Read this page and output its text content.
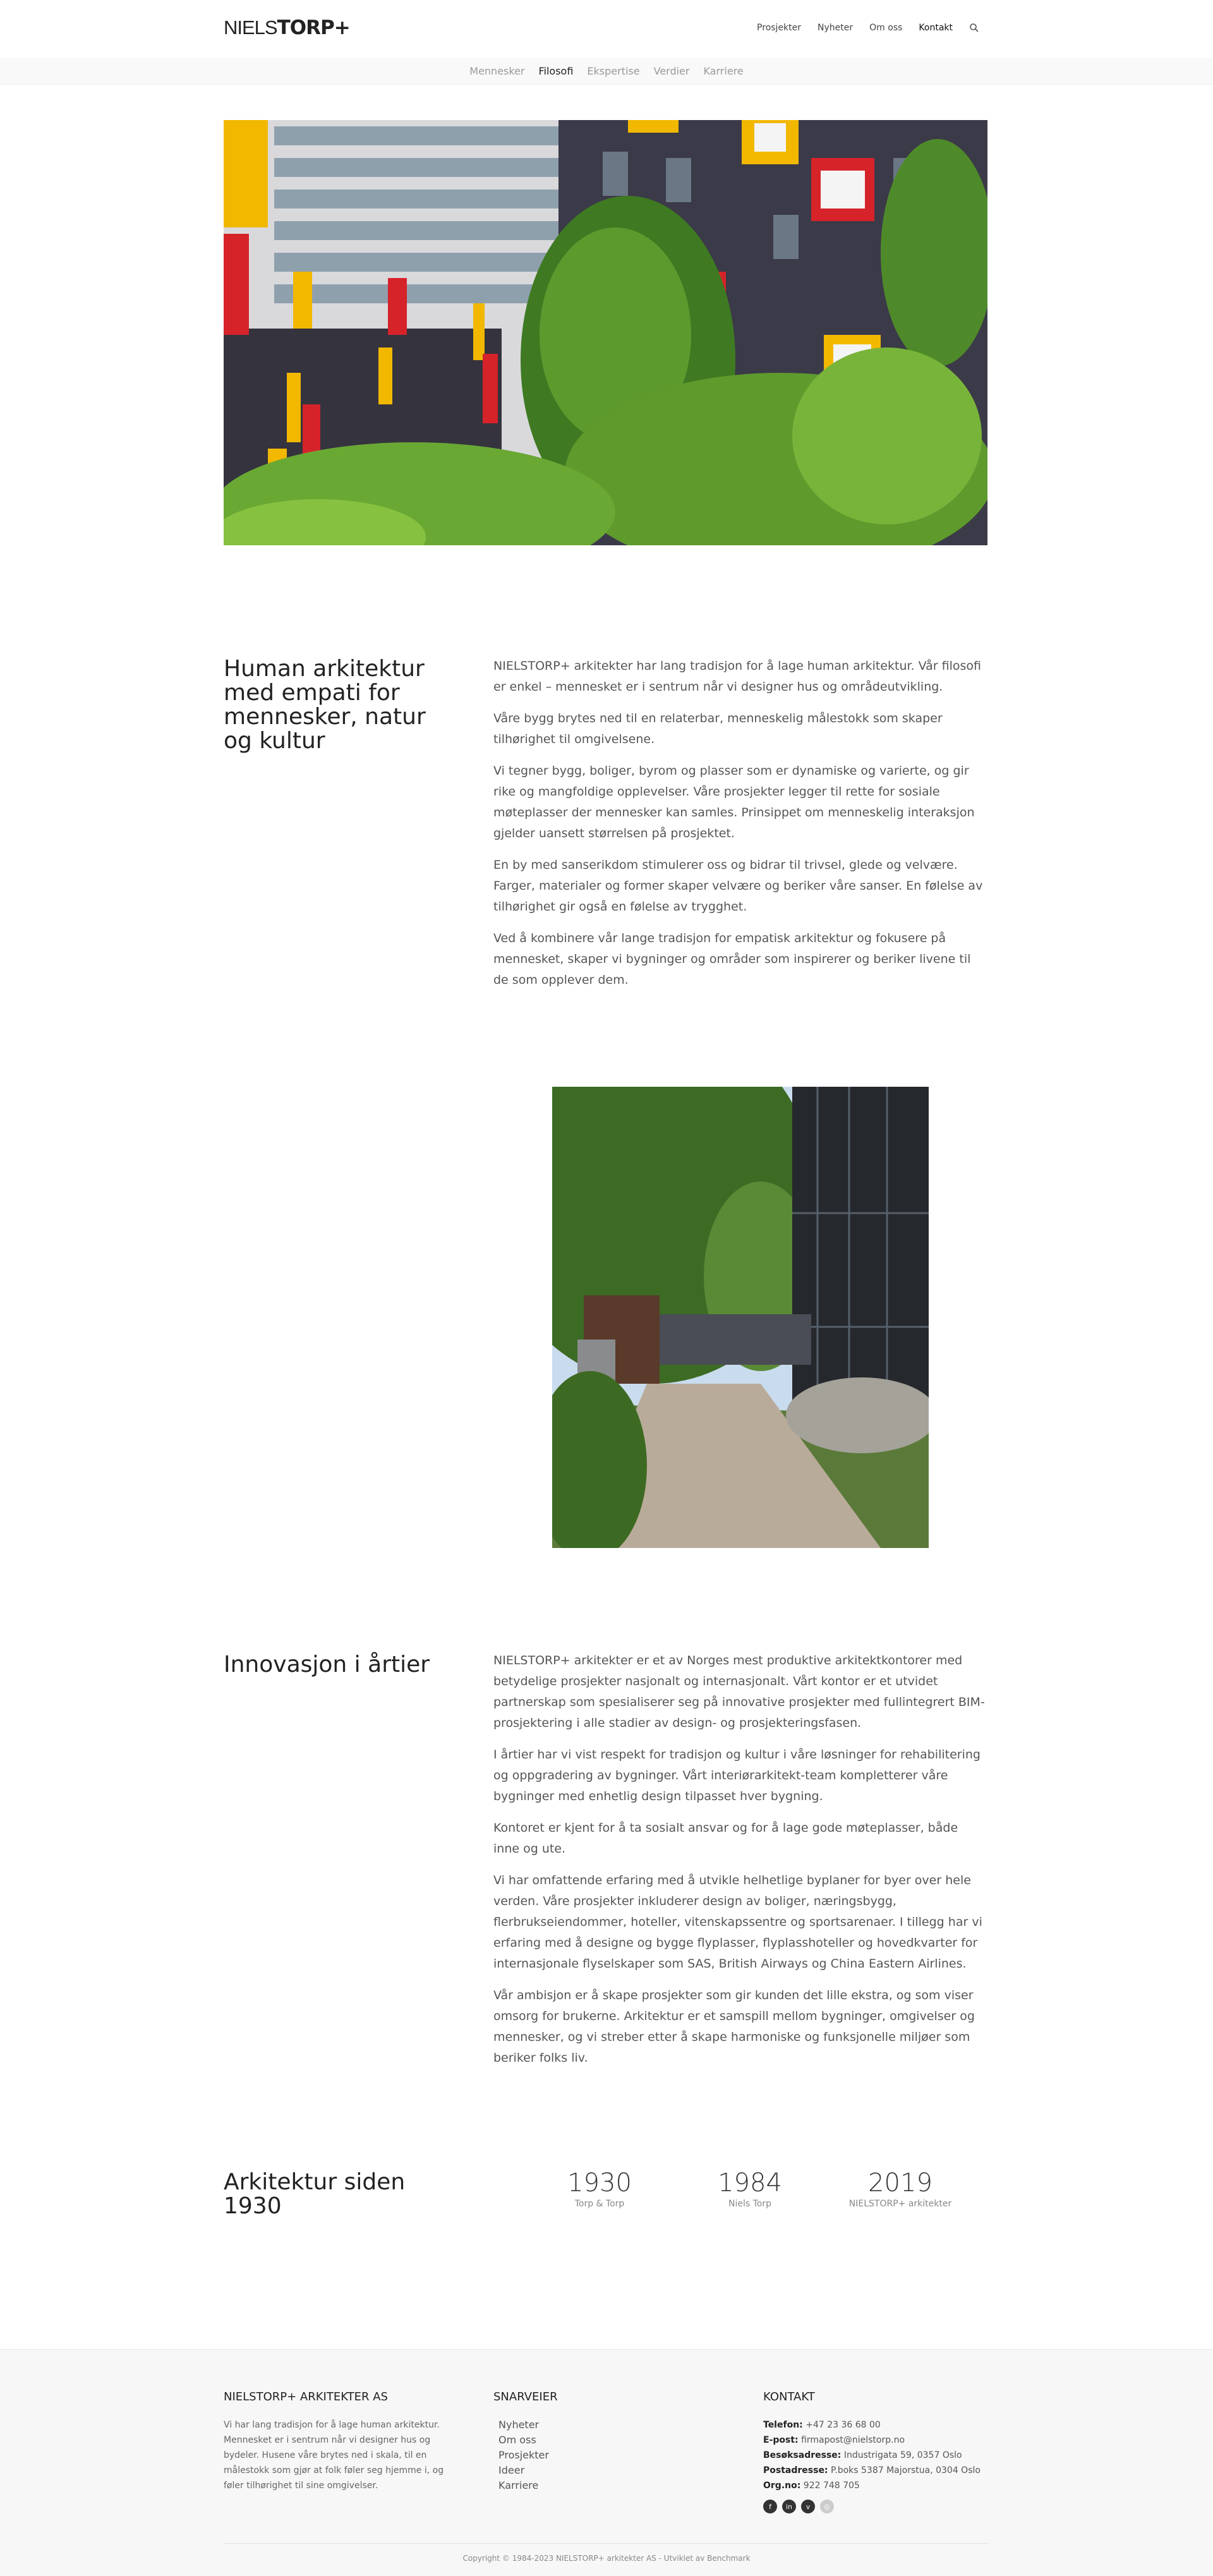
NIELS TORP+	Prosjekter Nyheter Om oss Kontakt
Mennesker Filosofi Ekspertise Verdier Karriere
Human arkitektur med empati for mennesker, natur og kultur

NIELSTORP+ arkitekter har lang tradisjon for å lage human arkitektur. Vår filosofi er enkel – mennesket er i sentrum når vi designer hus og områdeutvikling.

Våre bygg brytes ned til en relaterbar, menneskelig målestokk som skaper tilhørighet til omgivelsene.

Vi tegner bygg, boliger, byrom og plasser som er dynamiske og varierte, og gir rike og mangfoldige opplevelser. Våre prosjekter legger til rette for sosiale møteplasser der mennesker kan samles. Prinsippet om menneskelig interaksjon gjelder uansett størrelsen på prosjektet.

En by med sanserikdom stimulerer oss og bidrar til trivsel, glede og velvære. Farger, materialer og former skaper velvære og beriker våre sanser. En følelse av tilhørighet gir også en følelse av trygghet.

Ved å kombinere vår lange tradisjon for empatisk arkitektur og fokusere på mennesket, skaper vi bygninger og områder som inspirerer og beriker livene til de som opplever dem.

Innovasjon i årtier	NIELSTORP+ arkitekter er et av Norges mest produktive arkitektkontorer med betydelige prosjekter nasjonalt og internasjonalt. Vårt kontor er et utvidet partnerskap som spesialiserer seg på innovative prosjekter med fullintegrert BIM-prosjektering i alle stadier av design- og prosjekteringsfasen.

I årtier har vi vist respekt for tradisjon og kultur i våre løsninger for rehabilitering og oppgradering av bygninger. Vårt interiørarkitekt-team kompletterer våre bygninger med enhetlig design tilpasset hver bygning.

Kontoret er kjent for å ta sosialt ansvar og for å lage gode møteplasser, både inne og ute.

Vi har omfattende erfaring med å utvikle helhetlige byplaner for byer over hele verden. Våre prosjekter inkluderer design av boliger, næringsbygg, flerbrukseiendommer, hoteller, vitenskapssentre og sportsarenaer. I tillegg har vi erfaring med å designe og bygge flyplasser, flyplasshoteller og hovedkvarter for internasjonale flyselskaper som SAS, British Airways og China Eastern Airlines.

Vår ambisjon er å skape prosjekter som gir kunden det lille ekstra, og som viser omsorg for brukerne. Arkitektur er et samspill mellom bygninger, omgivelser og mennesker, og vi streber etter å skape harmoniske og funksjonelle miljøer som beriker folks liv.

Arkitektur siden 1930
1930
Torp & Torp
1984
Niels Torp
2019
NIELSTORP+ arkitekter
NIELSTORP+ ARKITEKTER AS
Vi har lang tradisjon for å lage human arkitektur. Mennesket er i sentrum når vi designer hus og bydeler. Husene våre brytes ned i skala, til en målestokk som gjør at folk føler seg hjemme i, og føler tilhørighet til sine omgivelser.
SNARVEIER
Nyheter
Om oss
Prosjekter
Ideer
Karriere
KONTAKT
Telefon: +47 23 36 68 00
E-post: firmapost@nielstorp.no
Besøksadresse: Industrigata 59, 0357 Oslo
Postadresse: P.boks 5387 Majorstua, 0304 Oslo
Org.no: 922 748 705
f	in	v	◎
Copyright © 1984-2023 NIELSTORP+ arkitekter AS - Utviklet av Benchmark
